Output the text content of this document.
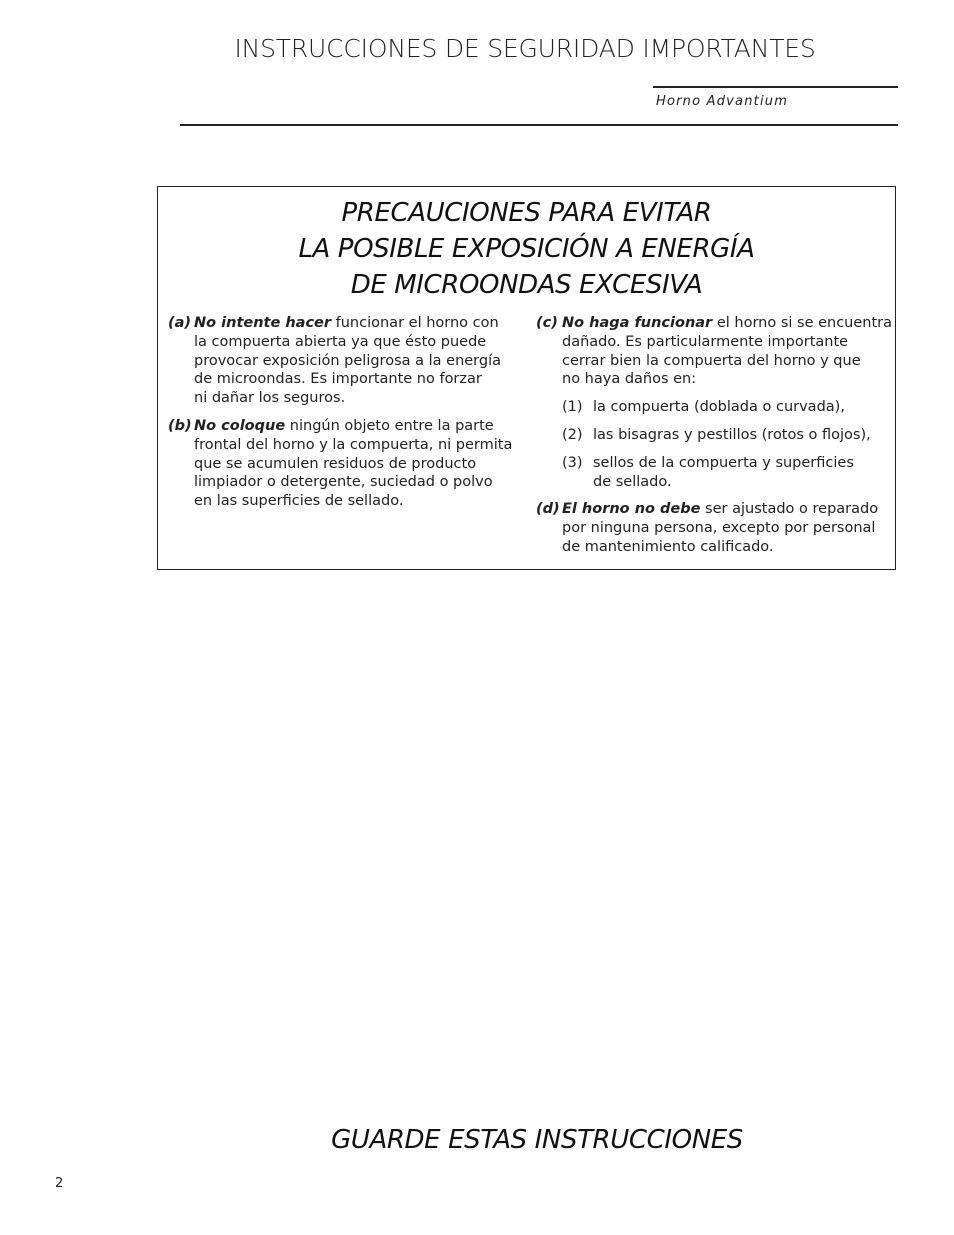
INSTRUCCIONES DE SEGURIDAD IMPORTANTES
Horno Advantium
PRECAUCIONES PARA EVITAR
LA POSIBLE EXPOSICIÓN A ENERGÍA
DE MICROONDAS EXCESIVA
(a) No intente hacer funcionar el horno con
la compuerta abierta ya que ésto puede
provocar exposición peligrosa a la energía
de microondas. Es importante no forzar
ni dañar los seguros.
(b) No coloque ningún objeto entre la parte
frontal del horno y la compuerta, ni permita
que se acumulen residuos de producto
limpiador o detergente, suciedad o polvo
en las superficies de sellado.
(c) No haga funcionar el horno si se encuentra
dañado. Es particularmente importante
cerrar bien la compuerta del horno y que
no haya daños en:
(1) la compuerta (doblada o curvada),
(2) las bisagras y pestillos (rotos o flojos),
(3) sellos de la compuerta y superficies
de sellado.
(d) El horno no debe ser ajustado o reparado
por ninguna persona, excepto por personal
de mantenimiento calificado.
GUARDE ESTAS INSTRUCCIONES
2
